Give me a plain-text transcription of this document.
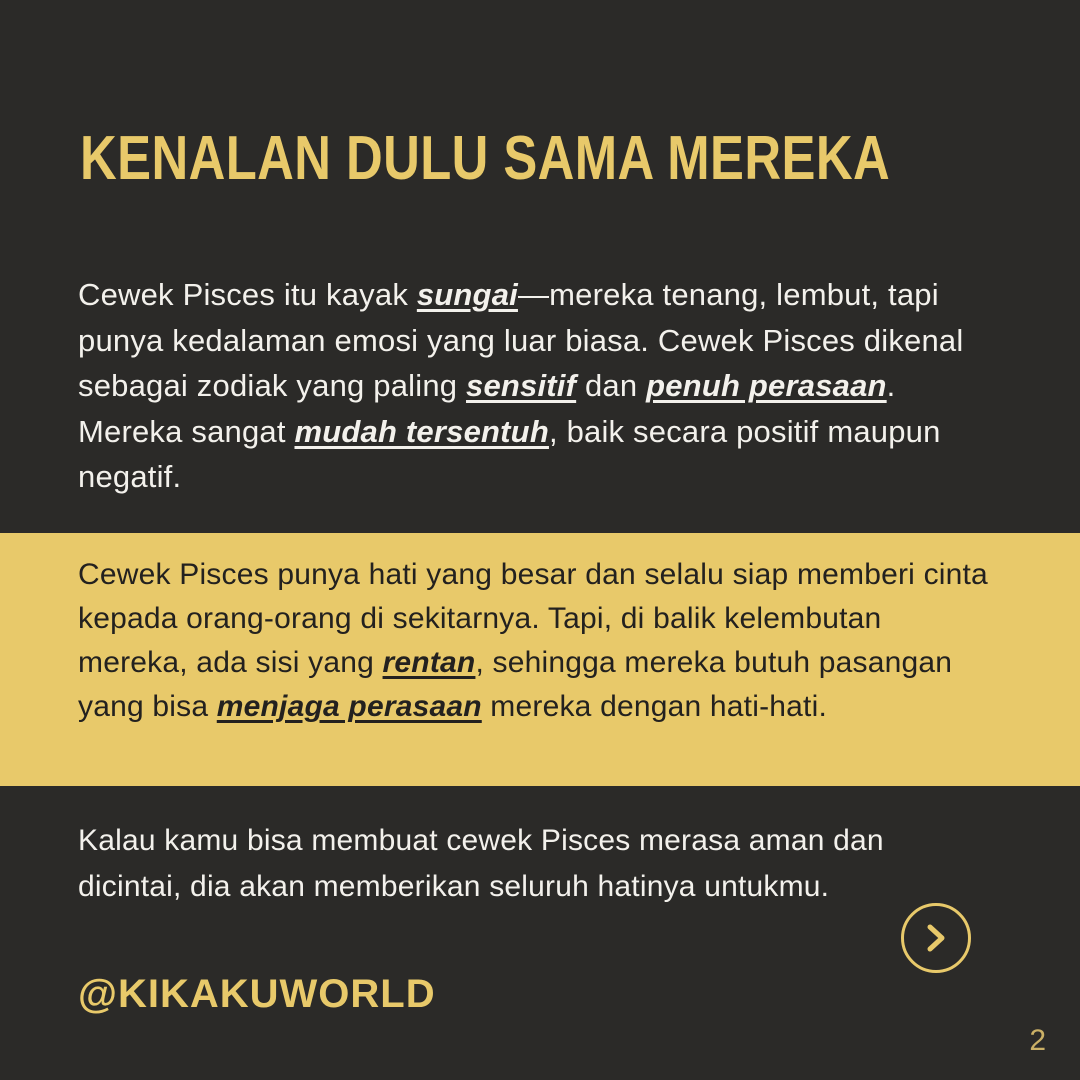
KENALAN DULU SAMA MEREKA
Cewek Pisces itu kayak sungai—mereka tenang, lembut, tapi punya kedalaman emosi yang luar biasa. Cewek Pisces dikenal sebagai zodiak yang paling sensitif dan penuh perasaan. Mereka sangat mudah tersentuh, baik secara positif maupun negatif.
Cewek Pisces punya hati yang besar dan selalu siap memberi cinta kepada orang-orang di sekitarnya. Tapi, di balik kelembutan mereka, ada sisi yang rentan, sehingga mereka butuh pasangan yang bisa menjaga perasaan mereka dengan hati-hati.
Kalau kamu bisa membuat cewek Pisces merasa aman dan dicintai, dia akan memberikan seluruh hatinya untukmu.
@KIKAKUWORLD
2
